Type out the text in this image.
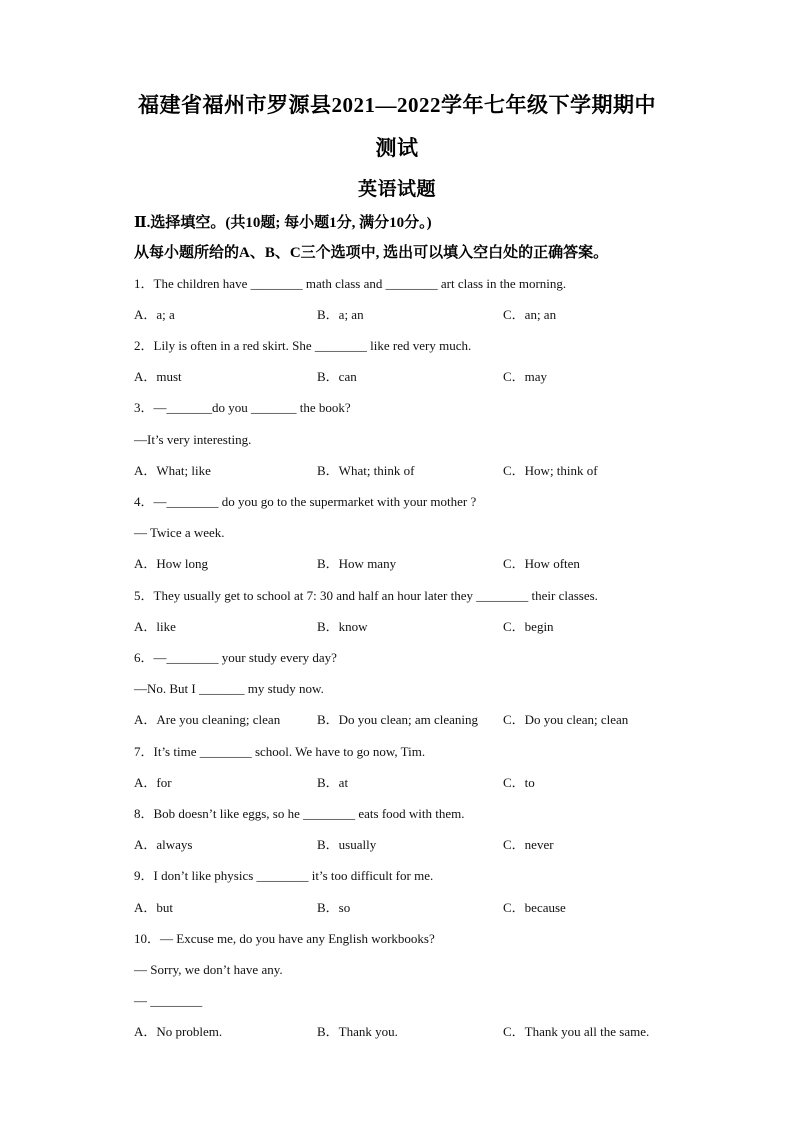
福建省福州市罗源县2021—2022学年七年级下学期期中
测试
英语试题
Ⅱ.选择填空。(共10题; 每小题1分, 满分10分。)
从每小题所给的A、B、C三个选项中, 选出可以填入空白处的正确答案。
1．The children have ________ math class and ________ art class in the morning.
A．a; a	B．a; an	C．an; an
2．Lily is often in a red skirt. She ________ like red very much.
A．must	B．can	C．may
3．—_______do you _______ the book?
—It’s very interesting.
A．What; like	B．What; think of	C．How; think of
4．—________ do you go to the supermarket with your mother ?
— Twice a week.
A．How long	B．How many	C．How often
5．They usually get to school at 7: 30 and half an hour later they ________ their classes.
A．like	B．know	C．begin
6．—________ your study every day?
—No. But I _______ my study now.
A．Are you cleaning; clean	B．Do you clean; am cleaning C．Do you clean; clean
7．It’s time ________ school. We have to go now, Tim.
A．for	B．at	C．to
8．Bob doesn’t like eggs, so he ________ eats food with them.
A．always	B．usually	C．never
9．I don’t like physics ________ it’s too difficult for me.
A．but	B．so	C．because
10．— Excuse me, do you have any English workbooks?
— Sorry, we don’t have any.
— ________
A．No problem.	B．Thank you.	C．Thank you all the same.
